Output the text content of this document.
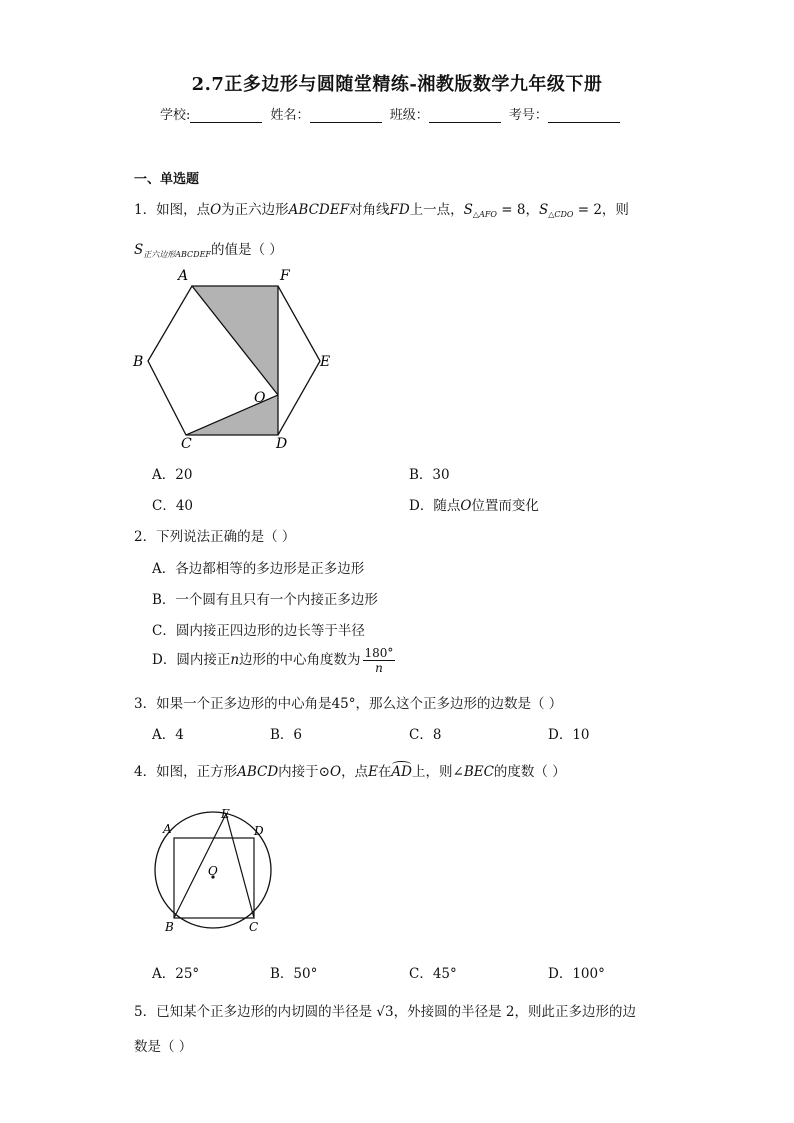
2.7正多边形与圆随堂精练-湘教版数学九年级下册
学校:	姓名：	班级：	考号：
一、单选题
1．如图，点O为正六边形ABCDEF对角线FD上一点，$S_{\triangle AFO} = 8$，$S_{\triangle CDO} = 2$，则
$S_{正六边形ABCDEF}$的值是（ ）
A	F
B	E
O
C	D
A．20	B．30
C．40	D．随点O位置而变化
2．下列说法正确的是（ ）
A．各边都相等的多边形是正多边形
B．一个圆有且只有一个内接正多边形
C．圆内接正四边形的边长等于半径
D．圆内接正n边形的中心角度数为 $\frac{180^\circ}{n}$
3．如果一个正多边形的中心角是45°，那么这个正多边形的边数是（ ）
A．4	B．6	C．8	D．10
4．如图，正方形ABCD内接于⊙O，点E在AD上，则∠BEC的度数（ ）
E
A	D
O
B	C
A．25°	B．50°	C．45°	D．100°
5．已知某个正多边形的内切圆的半径是 √3，外接圆的半径是 2，则此正多边形的边
数是（ ）
